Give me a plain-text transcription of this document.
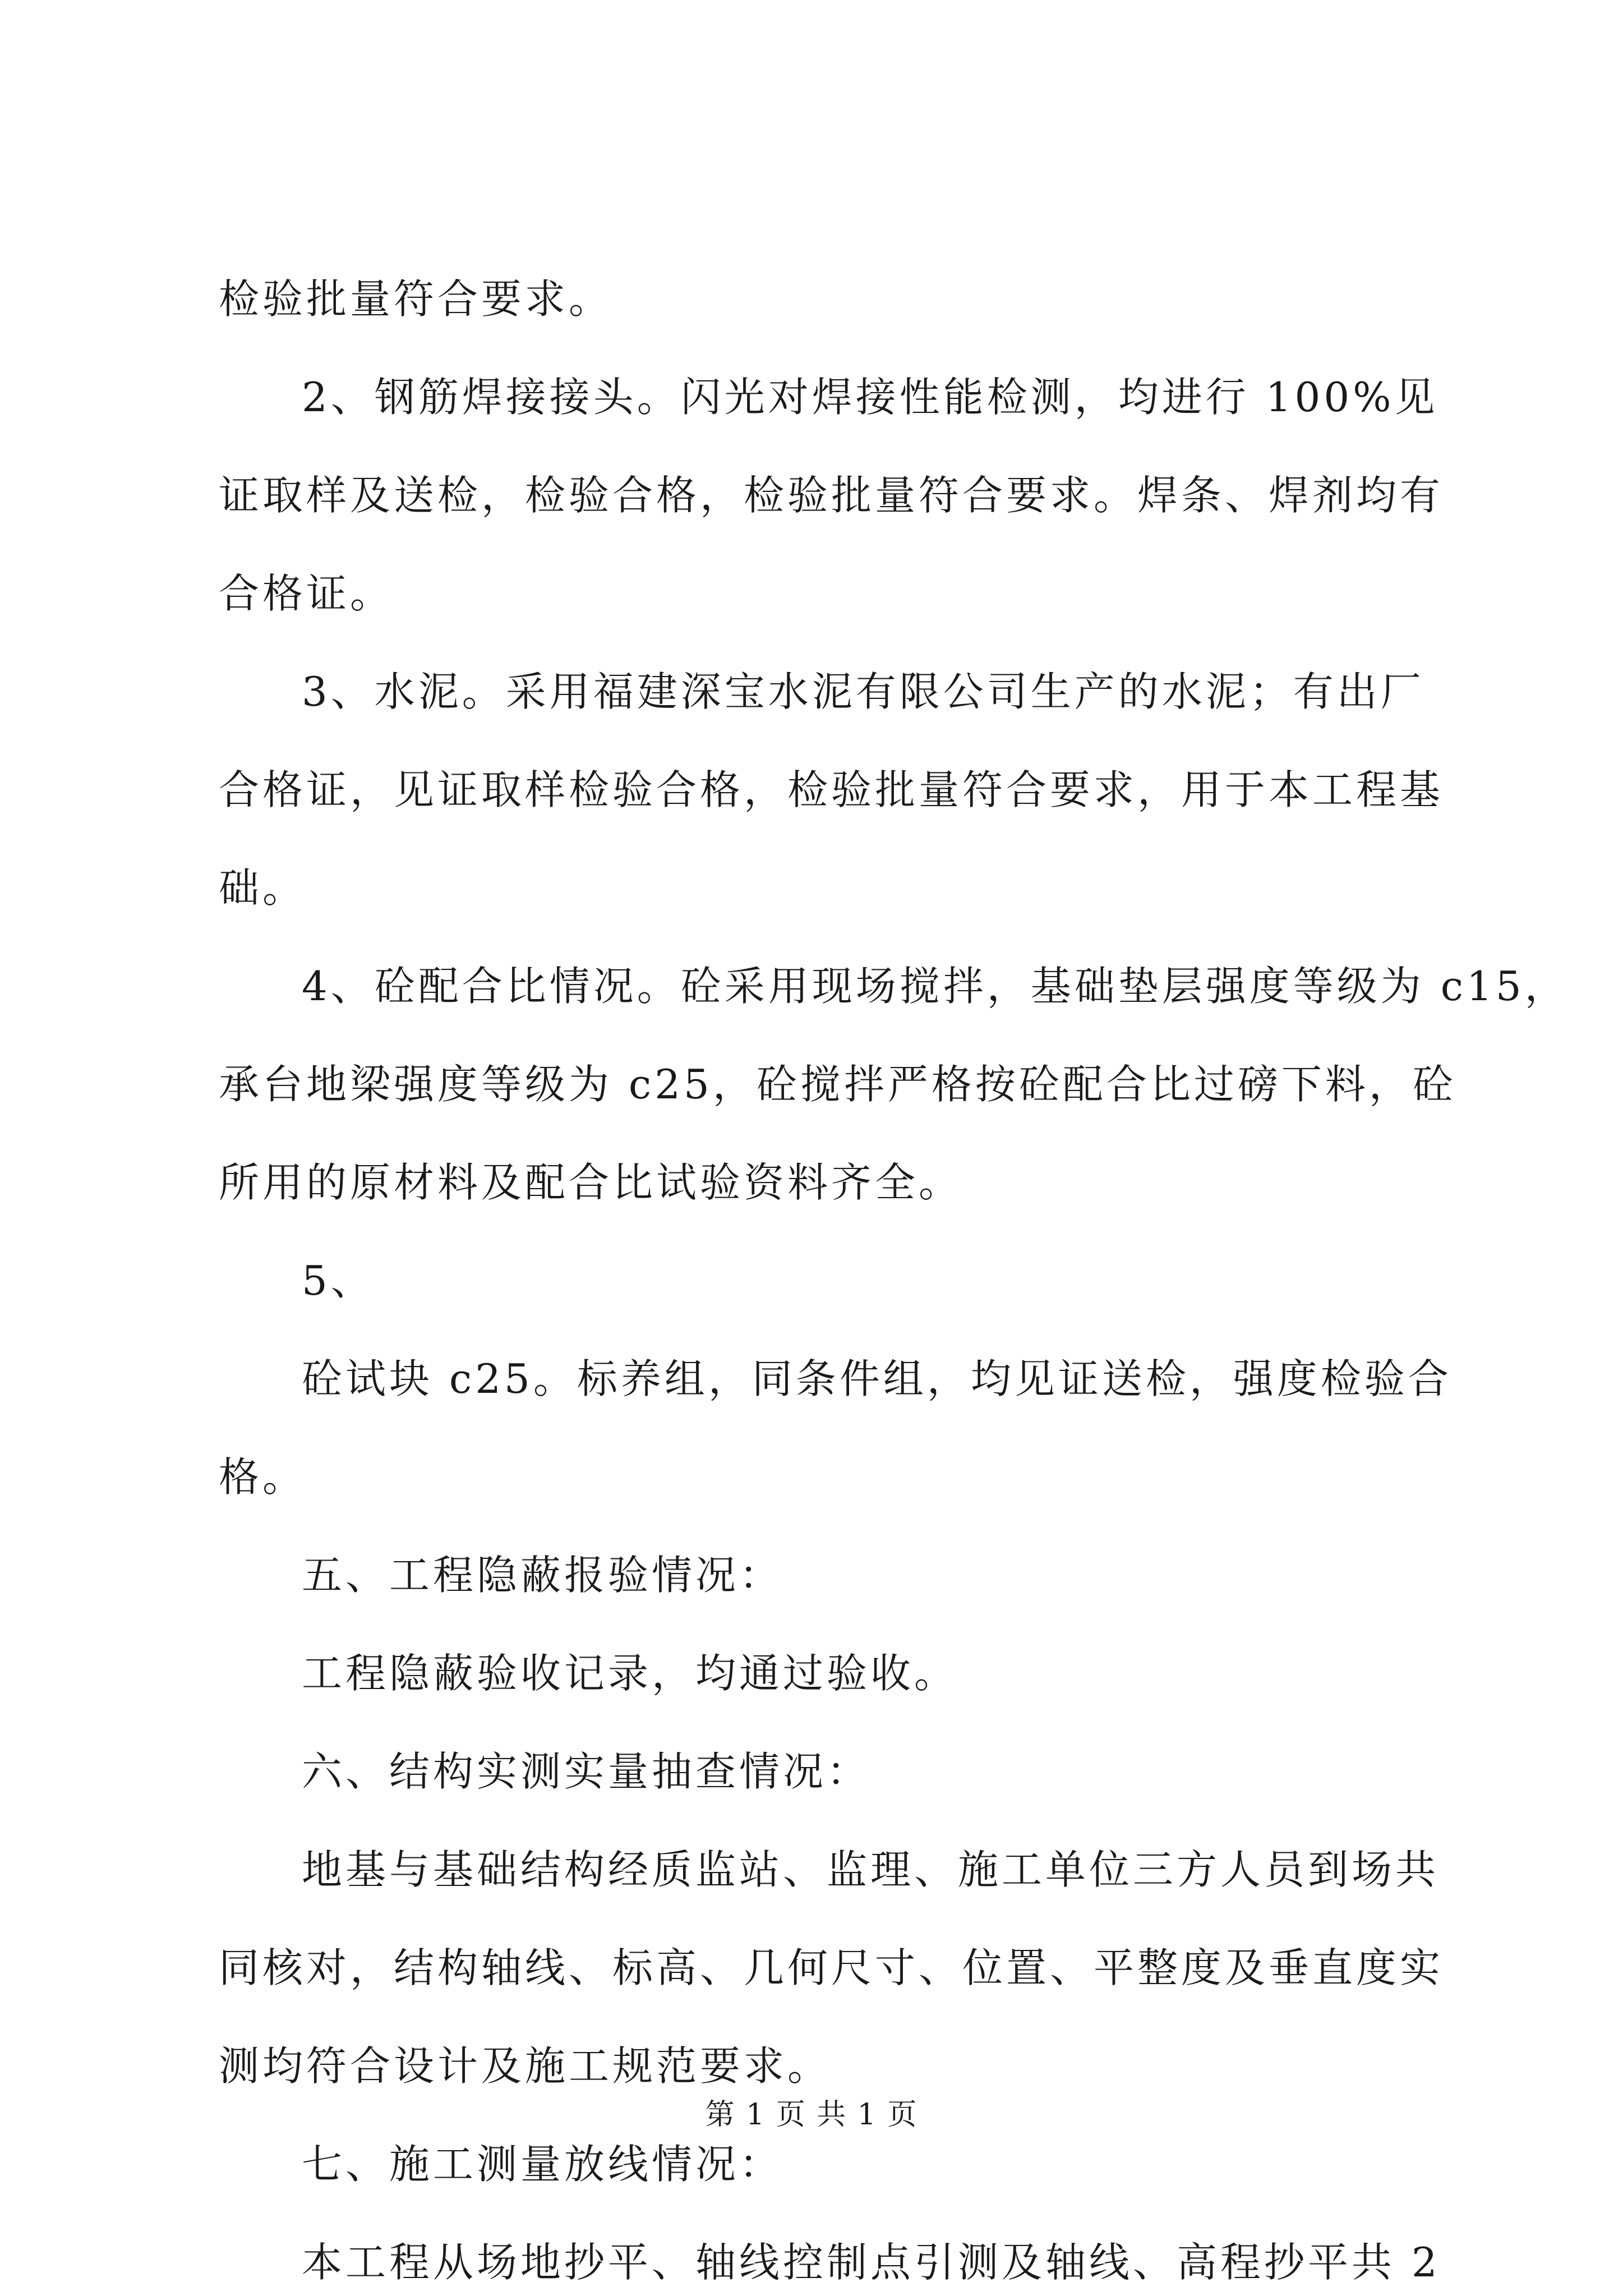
检验批量符合要求。
2、钢筋焊接接头。闪光对焊接性能检测，均进行 100%见
证取样及送检，检验合格，检验批量符合要求。焊条、焊剂均有
合格证。
3、水泥。采用福建深宝水泥有限公司生产的水泥；有出厂
合格证，见证取样检验合格，检验批量符合要求，用于本工程基
础。
4、砼配合比情况。砼采用现场搅拌，基础垫层强度等级为 c15，
承台地梁强度等级为 c25，砼搅拌严格按砼配合比过磅下料，砼
所用的原材料及配合比试验资料齐全。
5、
砼试块 c25。标养组，同条件组，均见证送检，强度检验合
格。
五、工程隐蔽报验情况：
工程隐蔽验收记录，均通过验收。
六、结构实测实量抽查情况：
地基与基础结构经质监站、监理、施工单位三方人员到场共
同核对，结构轴线、标高、几何尺寸、位置、平整度及垂直度实
测均符合设计及施工规范要求。
七、施工测量放线情况：
本工程从场地抄平、轴线控制点引测及轴线、高程抄平共 2
第 1 页 共 1 页
